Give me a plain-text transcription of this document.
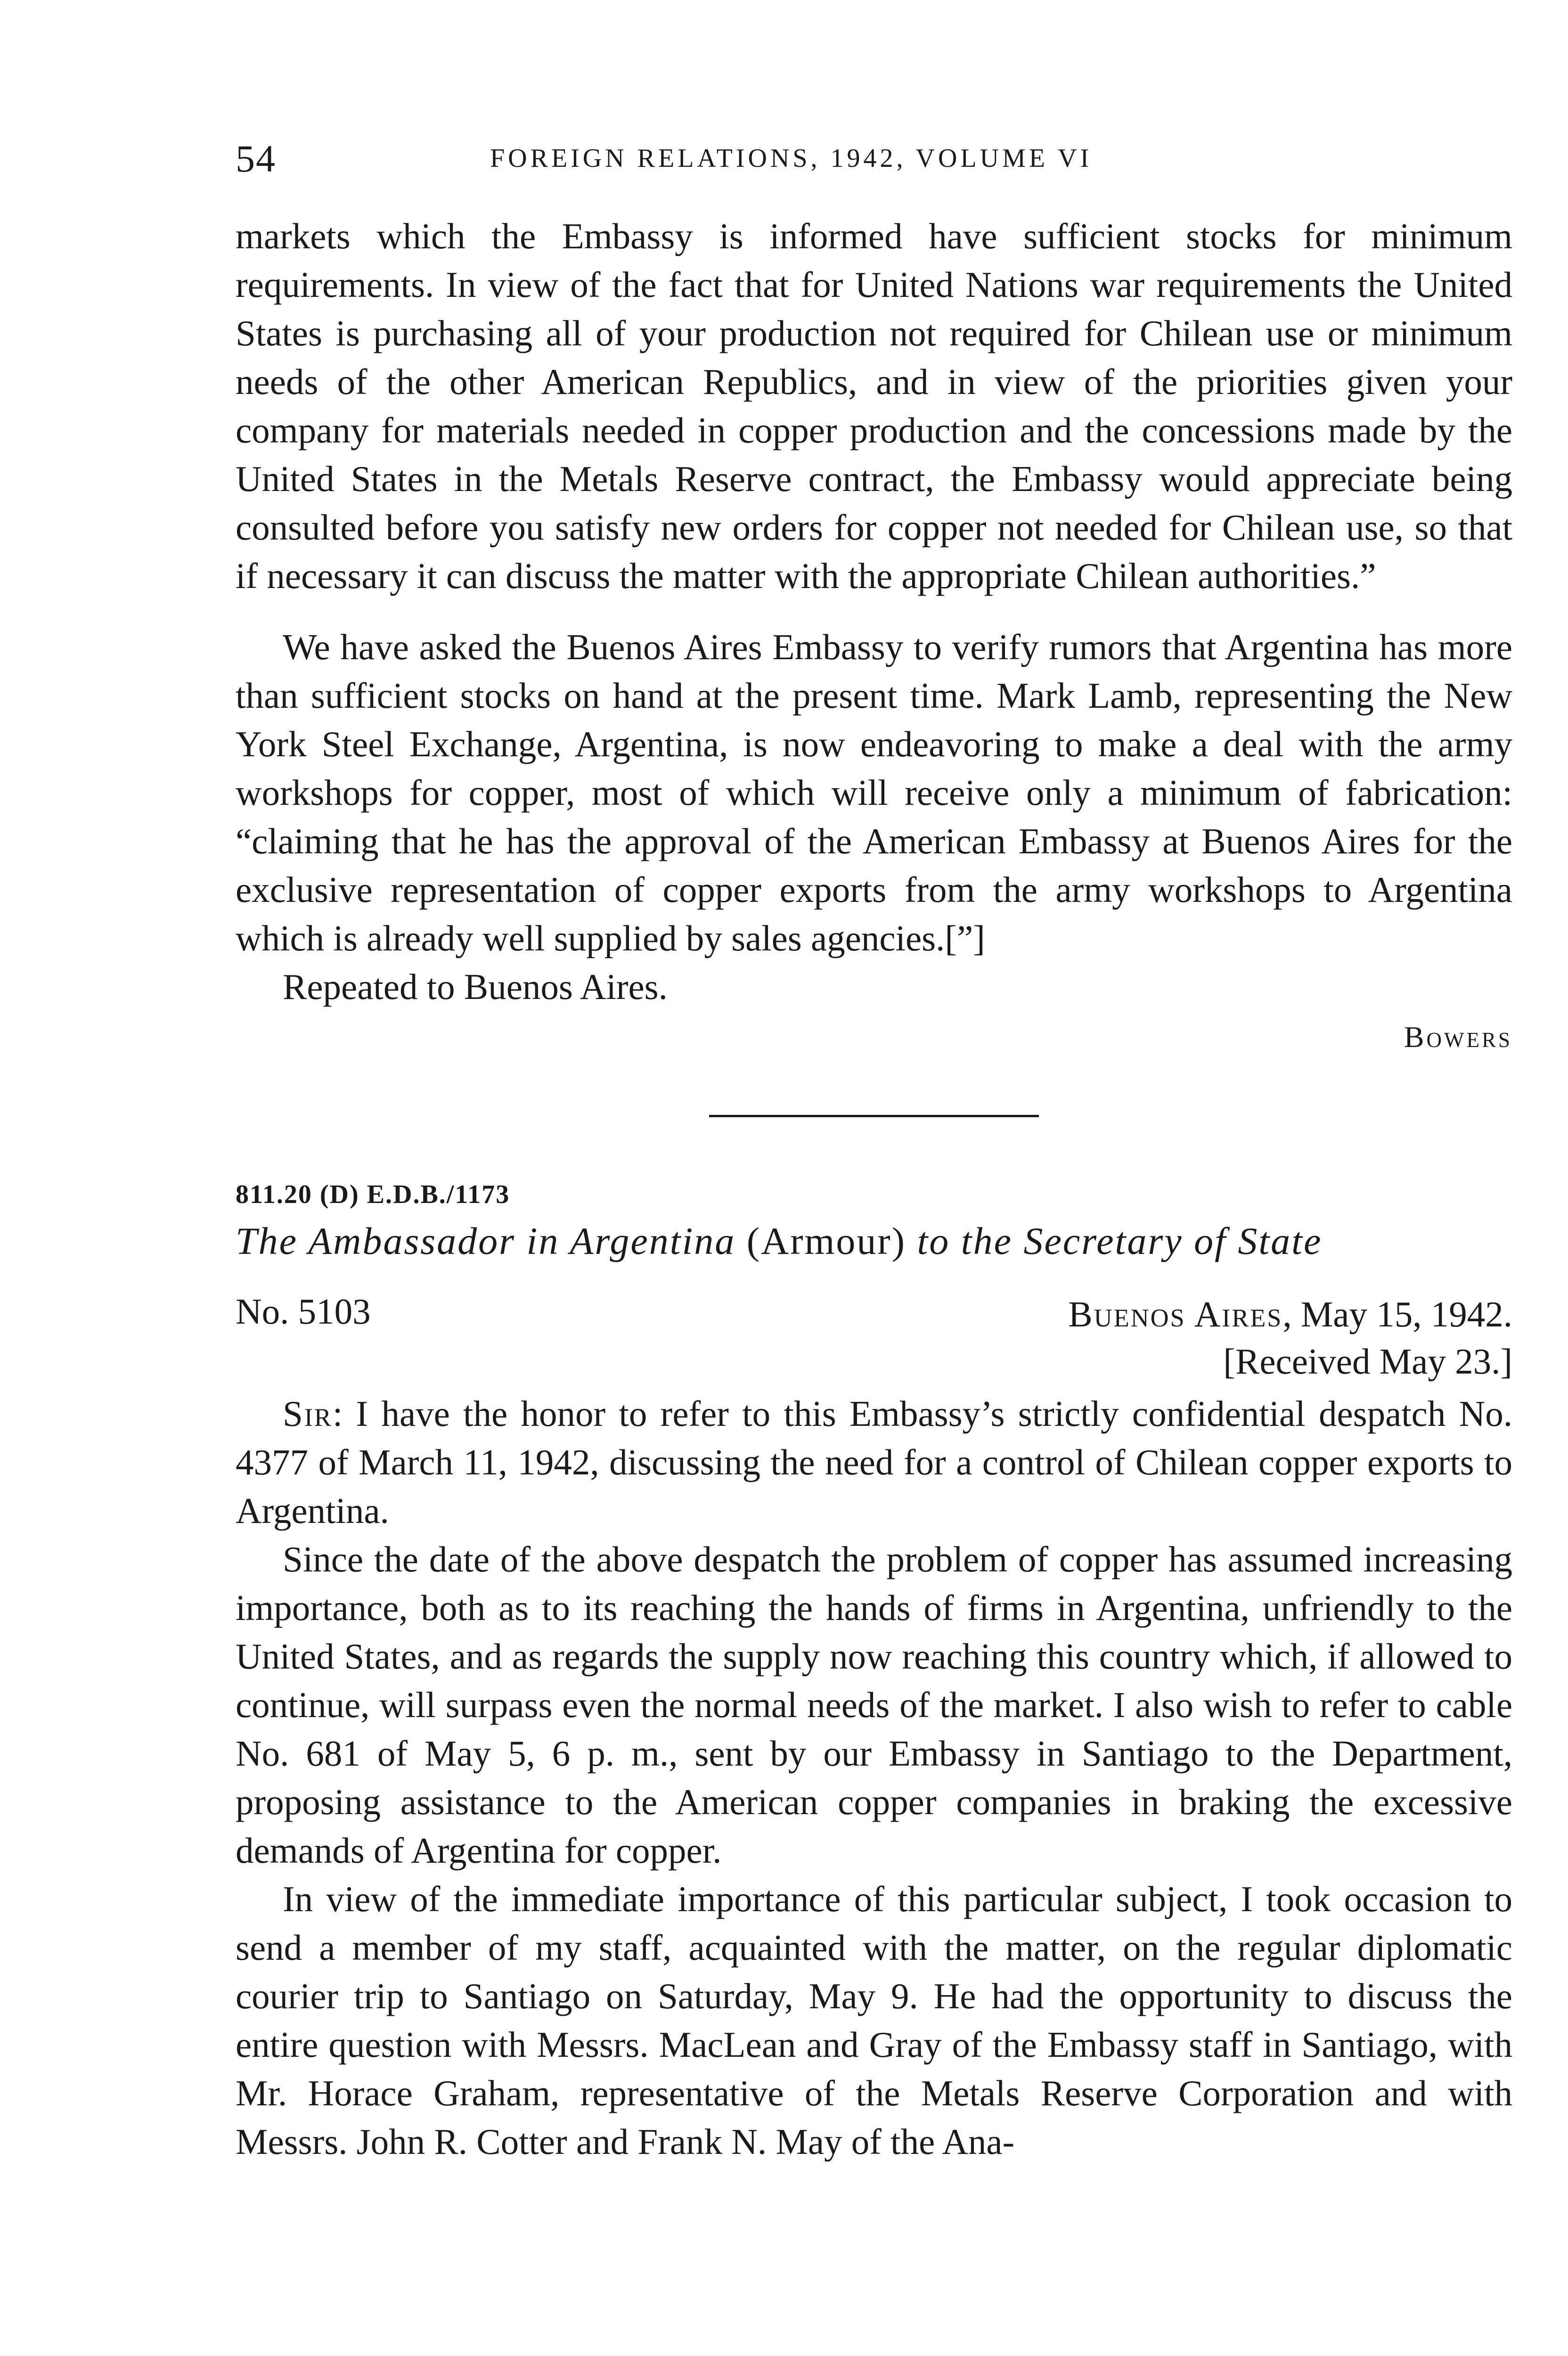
54	FOREIGN RELATIONS, 1942, VOLUME VI

markets which the Embassy is informed have sufficient stocks for minimum requirements. In view of the fact that for United Nations war requirements the United States is purchasing all of your production not required for Chilean use or minimum needs of the other American Republics, and in view of the priorities given your company for materials needed in copper production and the concessions made by the United States in the Metals Reserve contract, the Embassy would appreciate being consulted before you satisfy new orders for copper not needed for Chilean use, so that if necessary it can discuss the matter with the appropriate Chilean authorities.”

We have asked the Buenos Aires Embassy to verify rumors that Argentina has more than sufficient stocks on hand at the present time. Mark Lamb, representing the New York Steel Exchange, Argentina, is now endeavoring to make a deal with the army workshops for copper, most of which will receive only a minimum of fabrication: “claiming that he has the approval of the American Embassy at Buenos Aires for the exclusive representation of copper exports from the army workshops to Argentina which is already well supplied by sales agencies.[”]

Repeated to Buenos Aires.

Bowers
811.20 (D) E.D.B./1173
The Ambassador in Argentina (Armour) to the Secretary of State
No. 5103	Buenos Aires, May 15, 1942.
[Received May 23.]

Sir: I have the honor to refer to this Embassy’s strictly confidential despatch No. 4377 of March 11, 1942, discussing the need for a control of Chilean copper exports to Argentina.

Since the date of the above despatch the problem of copper has assumed increasing importance, both as to its reaching the hands of firms in Argentina, unfriendly to the United States, and as regards the supply now reaching this country which, if allowed to continue, will surpass even the normal needs of the market. I also wish to refer to cable No. 681 of May 5, 6 p. m., sent by our Embassy in Santiago to the Department, proposing assistance to the American copper companies in braking the excessive demands of Argentina for copper.

In view of the immediate importance of this particular subject, I took occasion to send a member of my staff, acquainted with the matter, on the regular diplomatic courier trip to Santiago on Saturday, May 9. He had the opportunity to discuss the entire question with Messrs. MacLean and Gray of the Embassy staff in Santiago, with Mr. Horace Graham, representative of the Metals Reserve Corporation and with Messrs. John R. Cotter and Frank N. May of the Ana-
